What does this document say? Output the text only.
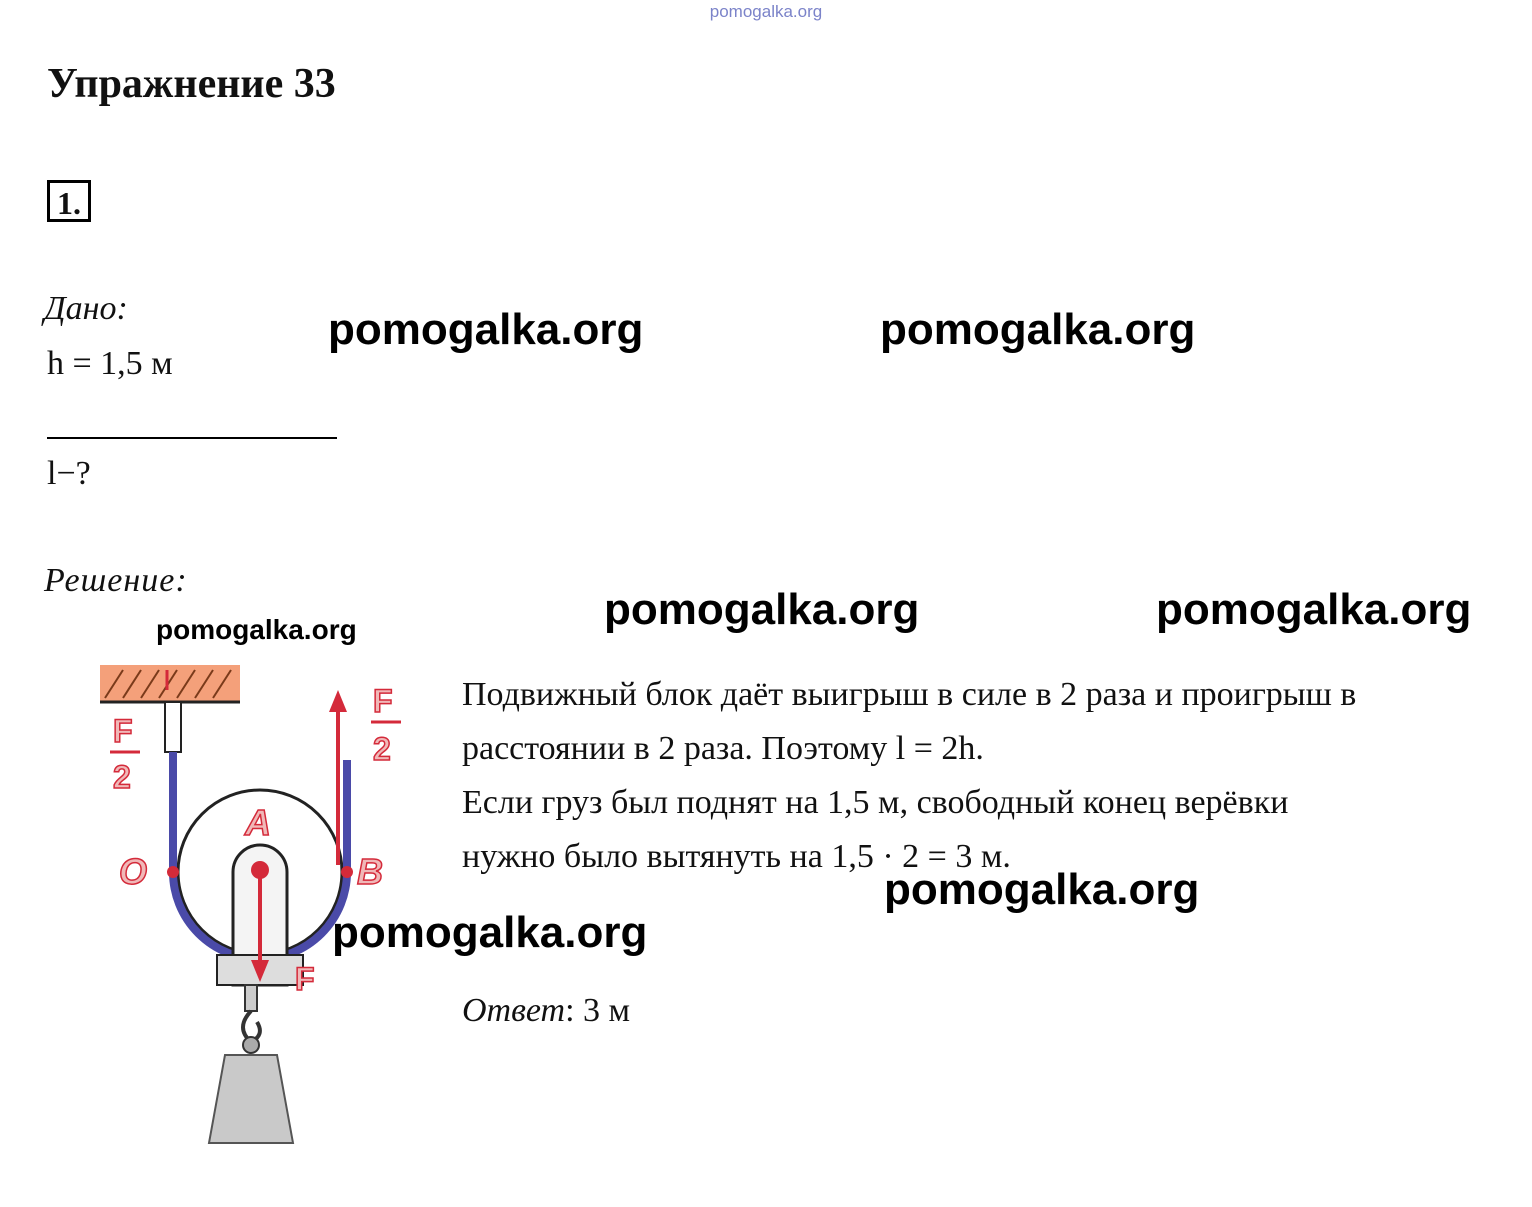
pomogalka.org
Упражнение 33
1.
Дано:
h = 1,5 м
l−?
Решение:
F
2
F
2
A
O	B
F

Подвижный блок даёт выигрыш в силе в 2 раза и проигрыш в

расстоянии в 2 раза. Поэтому l = 2h.

Если груз был поднят на 1,5 м, свободный конец верёвки

нужно было вытянуть на 1,5 · 2 = 3 м.

Ответ: 3 м
pomogalka.org	pomogalka.org
pomogalka.org	pomogalka.org
pomogalka.org
pomogalka.org
pomogalka.org
